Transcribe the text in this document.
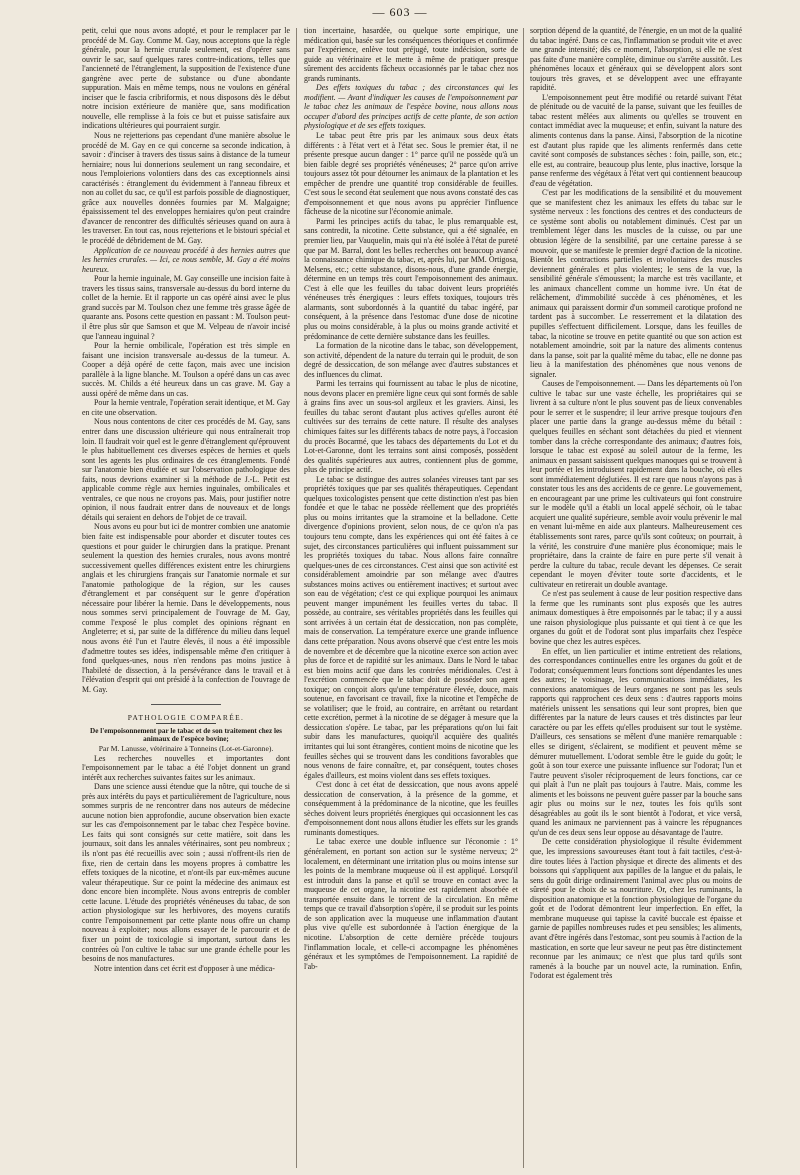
— 603 —

petit, celui que nous avons adopté, et pour le remplacer par le procédé de M. Gay. Comme M. Gay, nous acceptons que la règle générale, pour la hernie crurale seulement, est d'opérer sans ouvrir le sac, sauf quelques rares contre-indications, telles que l'ancienneté de l'étranglement, la supposition de l'existence d'une gangrène avec perte de substance ou d'une abondante suppuration. Mais en même temps, nous ne voulons en général inciser que le fascia cribriformis, et nous disposons dès le début notre incision extérieure de manière que, sans modification nouvelle, elle remplisse à la fois ce but et puisse satisfaire aux indications ultérieures qui pourraient surgir.

Nous ne rejetterions pas cependant d'une manière absolue le procédé de M. Gay en ce qui concerne sa seconde indication, à savoir : d'inciser à travers des tissus sains à distance de la tumeur herniaire; nous lui donnerions seulement un rang secondaire, et nous l'emploierions volontiers dans des cas exceptionnels ainsi caractérisés : étranglement du évidemment à l'anneau fibreux et non au collet du sac, ce qu'il est parfois possible de diagnostiquer, grâce aux nouvelles données fournies par M. Malgaigne; épaississement tel des enveloppes herniaires qu'on peut craindre d'avancer de rencontrer des difficultés sérieuses quand on aura à les traverser. En tout cas, nous rejetterions et le bistouri spécial et le procédé de débridement de M. Gay.

Application de ce nouveau procédé à des hernies autres que les hernies crurales. — Ici, ce nous semble, M. Gay a été moins heureux.

Pour la hernie inguinale, M. Gay conseille une incision faite à travers les tissus sains, transversale au-dessus du bord interne du collet de la hernie. Et il rapporte un cas opéré ainsi avec le plus grand succès par M. Toulson chez une femme très grasse âgée de quarante ans. Posons cette question en passant : M. Toulson peut-il être plus sûr que Samson et que M. Velpeau de n'avoir incisé que l'anneau inguinal ?

Pour la hernie ombilicale, l'opération est très simple en faisant une incision transversale au-dessus de la tumeur. A. Cooper a déjà opéré de cette façon, mais avec une incision parallèle à la ligne blanche. M. Toulson a opéré dans un cas avec succès. M. Childs a été heureux dans un cas grave. M. Gay a aussi opéré de même dans un cas.

Pour la hernie ventrale, l'opération serait identique, et M. Gay en cite une observation.

Nous nous contentons de citer ces procédés de M. Gay, sans entrer dans une discussion ultérieure qui nous entraînerait trop loin. Il faudrait voir quel est le genre d'étranglement qu'éprouvent le plus habituellement ces diverses espèces de hernies et quels sont les agents les plus ordinaires de ces étranglements. Fondé sur l'anatomie bien étudiée et sur l'observation pathologique des faits, nous devrions examiner si la méthode de J.-L. Petit est applicable comme règle aux hernies inguinales, ombilicales et ventrales, ce que nous ne croyons pas. Mais, pour justifier notre opinion, il nous faudrait entrer dans de nouveaux et de longs détails qui seraient en dehors de l'objet de ce travail.

Nous avons eu pour but ici de montrer combien une anatomie bien faite est indispensable pour aborder et discuter toutes ces questions et pour guider le chirurgien dans la pratique. Prenant seulement la question des hernies crurales, nous avons montré successivement quelles différences existent entre les chirurgiens anglais et les chirurgiens français sur l'anatomie normale et sur l'anatomie pathologique de la région, sur les causes d'étranglement et par conséquent sur le genre d'opération nécessaire pour libérer la hernie. Dans le développements, nous nous sommes servi principalement de l'ouvrage de M. Gay, comme l'exposé le plus complet des opinions régnant en Angleterre; et si, par suite de la différence du milieu dans lequel nous avons été l'un et l'autre élevés, il nous a été impossible d'admettre toutes ses idées, indispensable même d'en critiquer à fond quelques-unes, nous n'en rendons pas moins justice à l'habileté de dissection, à la persévérance dans le travail et à l'élévation d'esprit qui ont présidé à la confection de l'ouvrage de M. Gay.

PATHOLOGIE COMPARÉE.

De l'empoisonnement par le tabac et de son traitement chez les animaux de l'espèce bovine;

Par M. Lanusse, vétérinaire à Tonneins (Lot-et-Garonne).

Les recherches nouvelles et importantes dont l'empoisonnement par le tabac a été l'objet donnent un grand intérêt aux recherches suivantes faites sur les animaux.

Dans une science aussi étendue que la nôtre, qui touche de si près aux intérêts du pays et particulièrement de l'agriculture, nous sommes surpris de ne rencontrer dans nos auteurs de médecine aucune notion bien approfondie, aucune observation bien exacte sur les cas d'empoisonnement par le tabac chez l'espèce bovine. Les faits qui sont consignés sur cette matière, soit dans les journaux, soit dans les annales vétérinaires, sont peu nombreux ; ils n'ont pas été recueillis avec soin ; aussi n'offrent-ils rien de fixe, rien de certain dans les moyens propres à combattre les effets toxiques de la nicotine, et n'ont-ils par eux-mêmes aucune valeur thérapeutique. Sur ce point la médecine des animaux est donc encore bien incomplète. Nous avons entrepris de combler cette lacune. L'étude des propriétés vénéneuses du tabac, de son action physiologique sur les herbivores, des moyens curatifs contre l'empoisonnement par cette plante nous offre un champ nouveau à exploiter; nous allons essayer de le parcourir et de fixer un point de toxicologie si important, surtout dans les contrées où l'on cultive le tabac sur une grande échelle pour les besoins de nos manufactures.

Notre intention dans cet écrit est d'opposer à une médica-

tion incertaine, hasardée, ou quelque sorte empirique, une médication qui, basée sur les conséquences théoriques et confirmée par l'expérience, enlève tout préjugé, toute indécision, sorte de guide au vétérinaire et le mette à même de pratiquer presque sûrement des accidents fâcheux occasionnés par le tabac chez nos grands ruminants.

Des effets toxiques du tabac ; des circonstances qui les modifient. — Avant d'indiquer les causes de l'empoisonnement par le tabac chez les animaux de l'espèce bovine, nous allons nous occuper d'abord des principes actifs de cette plante, de son action physiologique et de ses effets toxiques.

Le tabac peut être pris par les animaux sous deux états différents : à l'état vert et à l'état sec. Sous le premier état, il ne présente presque aucun danger : 1° parce qu'il ne possède qu'à un bien faible degré ses propriétés vénéneuses; 2° parce qu'on arrive toujours assez tôt pour détourner les animaux de la plantation et les empêcher de prendre une quantité trop considérable de feuilles. C'est sous le second état seulement que nous avons constaté des cas d'empoisonnement et que nous avons pu apprécier l'influence fâcheuse de la nicotine sur l'économie animale.

Parmi les principes actifs du tabac, le plus remarquable est, sans contredit, la nicotine. Cette substance, qui a été signalée, en premier lieu, par Vauquelin, mais qui n'a été isolée à l'état de pureté que par M. Barral, dont les belles recherches ont beaucoup avancé la connaissance chimique du tabac, et, après lui, par MM. Ortigosa, Melsens, etc.; cette substance, disons-nous, d'une grande énergie, détermine en un temps très court l'empoisonnement des animaux. C'est à elle que les feuilles du tabac doivent leurs propriétés vénéneuses très énergiques : leurs effets toxiques, toujours très alarmants, sont subordonnés à la quantité du tabac ingéré, par conséquent, à la présence dans l'estomac d'une dose de nicotine plus ou moins considérable, à la plus ou moins grande activité et prédominance de cette dernière substance dans les feuilles.

La formation de la nicotine dans le tabac, son développement, son activité, dépendent de la nature du terrain qui le produit, de son degré de dessiccation, de son mélange avec d'autres substances et des influences du climat.

Parmi les terrains qui fournissent au tabac le plus de nicotine, nous devons placer en première ligne ceux qui sont formés de sable à grains fins avec un sous-sol argileux et les graviers. Ainsi, les feuilles du tabac seront d'autant plus actives qu'elles auront été cultivées sur des terrains de cette nature. Il résulte des analyses chimiques faites sur les différents tabacs de notre pays, à l'occasion du procès Bocarmé, que les tabacs des départements du Lot et du Lot-et-Garonne, dont les terrains sont ainsi composés, possèdent des qualités supérieures aux autres, contiennent plus de gomme, plus de principe actif.

Le tabac se distingue des autres solanées vireuses tant par ses propriétés toxiques que par ses qualités thérapeutiques. Cependant quelques toxicologistes pensent que cette distinction n'est pas bien fondée et que le tabac ne possède réellement que des propriétés plus ou moins irritantes que la stramoine et la belladone. Cette divergence d'opinions provient, selon nous, de ce qu'on n'a pas toujours tenu compte, dans les expériences qui ont été faites à ce sujet, des circonstances particulières qui influent puissamment sur les propriétés toxiques du tabac. Nous allons faire connaître quelques-unes de ces circonstances. C'est ainsi que son activité est considérablement amoindrie par son mélange avec d'autres substances moins actives ou entièrement inactives; et surtout avec son eau de végétation; c'est ce qui explique pourquoi les animaux peuvent manger impunément les feuilles vertes du tabac. Il possède, au contraire, ses véritables propriétés dans les feuilles qui sont arrivées à un certain état de dessiccation, non pas complète, mais de conservation. La température exerce une grande influence dans cette préparation. Nous avons observé que c'est entre les mois de novembre et de décembre que la nicotine exerce son action avec plus de force et de rapidité sur les animaux. Dans le Nord le tabac est bien moins actif que dans les contrées méridionales. C'est à l'excrétion commencée que le tabac doit de posséder son agent toxique; on conçoit alors qu'une température élevée, douce, mais soutenue, en favorisant ce travail, fixe la nicotine et l'empêche de se volatiliser; que le froid, au contraire, en arrêtant ou retardant cette excrétion, permet à la nicotine de se dégager à mesure que la dessiccation s'opère. Le tabac, par les préparations qu'on lui fait subir dans les manufactures, quoiqu'il acquière des qualités irritantes qui lui sont étrangères, contient moins de nicotine que les feuilles sèches qui se trouvent dans les conditions favorables que nous venons de faire connaître, et, par conséquent, toutes choses égales d'ailleurs, est moins violent dans ses effets toxiques.

C'est donc à cet état de dessiccation, que nous avons appelé dessiccation de conservation, à la présence de la gomme, et conséquemment à la prédominance de la nicotine, que les feuilles sèches doivent leurs propriétés énergiques qui occasionnent les cas d'empoisonnement dont nous allons étudier les effets sur les grands ruminants domestiques.

Le tabac exerce une double influence sur l'économie : 1° généralement, en portant son action sur le système nerveux; 2° localement, en déterminant une irritation plus ou moins intense sur les points de la membrane muqueuse où il est appliqué. Lorsqu'il est introduit dans la panse et qu'il se trouve en contact avec la muqueuse de cet organe, la nicotine est rapidement absorbée et transportée ensuite dans le torrent de la circulation. En même temps que ce travail d'absorption s'opère, il se produit sur les points de son application avec la muqueuse une inflammation d'autant plus vive qu'elle est subordonnée à l'action énergique de la nicotine. L'absorption de cette dernière précède toujours l'inflammation locale, et celle-ci accompagne les phénomènes généraux et les symptômes de l'empoisonnement. La rapidité de l'ab-

sorption dépend de la quantité, de l'énergie, en un mot de la qualité du tabac ingéré. Dans ce cas, l'inflammation se produit vite et avec une grande intensité; dès ce moment, l'absorption, si elle ne s'est pas faite d'une manière complète, diminue ou s'arrête aussitôt. Les phénomènes locaux et généraux qui se développent alors sont toujours très graves, et se développent avec une effrayante rapidité.

L'empoisonnement peut être modifié ou retardé suivant l'état de plénitude ou de vacuité de la panse, suivant que les feuilles de tabac restent mêlées aux aliments ou qu'elles se trouvent en contact immédiat avec la muqueuse; et enfin, suivant la nature des aliments contenus dans la panse. Ainsi, l'absorption de la nicotine est d'autant plus rapide que les aliments renfermés dans cette cavité sont composés de substances sèches : foin, paille, son, etc.; elle est, au contraire, beaucoup plus lente, plus inactive, lorsque la panse renferme des végétaux à l'état vert qui contiennent beaucoup d'eau de végétation.

C'est par les modifications de la sensibilité et du mouvement que se manifestent chez les animaux les effets du tabac sur le système nerveux : les fonctions des centres et des conducteurs de ce système sont abolis ou notablement diminués. C'est par un tremblement léger dans les muscles de la cuisse, ou par une obtusion légère de la sensibilité, par une certaine paresse à se mouvoir, que se manifeste le premier degré d'action de la nicotine. Bientôt les contractions partielles et involontaires des muscles deviennent générales et plus violentes; le sens de la vue, la sensibilité générale s'émoussent; la marche est très vacillante, et les animaux chancellent comme un homme ivre. Un état de relâchement, d'immobilité succède à ces phénomènes, et les animaux qui paraissent dormir d'un sommeil carotique profond ne tardent pas à succomber. Le resserrement et la dilatation des pupilles s'effectuent difficilement. Lorsque, dans les feuilles de tabac, la nicotine se trouve en petite quantité ou que son action est notablement amoindrie, soit par la nature des aliments contenus dans la panse, soit par la qualité même du tabac, elle ne donne pas lieu à la manifestation des phénomènes que nous venons de signaler.

Causes de l'empoisonnement. — Dans les départements où l'on cultive le tabac sur une vaste échelle, les propriétaires qui se livrent à sa culture n'ont le plus souvent pas de lieux convenables pour le serrer et le suspendre; il leur arrive presque toujours d'en placer une partie dans la grange au-dessus même du bétail : quelques feuilles en séchant sont détachées du pied et viennent tomber dans la crèche correspondante des animaux; d'autres fois, lorsque le tabac est exposé au soleil autour de la ferme, les animaux en passant saisissent quelques manoques qui se trouvent à leur portée et les introduisent rapidement dans la bouche, où elles sont immédiatement déglutiées. Il est rare que nous n'ayons pas à constater tous les ans des accidents de ce genre. Le gouvernement, en encourageant par une prime les cultivateurs qui font construire sur le modèle qu'il a établi un local appelé séchoir, où le tabac acquiert une qualité supérieure, semble avoir voulu prévenir le mal en venant lui-même en aide aux planteurs. Malheureusement ces établissements sont rares, parce qu'ils sont coûteux; on pourrait, à la vérité, les construire d'une manière plus économique; mais le propriétaire, dans la crainte de faire en pure perte s'il venait à perdre la culture du tabac, recule devant les dépenses. Ce serait cependant le moyen d'éviter toute sorte d'accidents, et le cultivateur en retirerait un double avantage.

Ce n'est pas seulement à cause de leur position respective dans la ferme que les ruminants sont plus exposés que les autres animaux domestiques à être empoisonnés par le tabac; il y a aussi une raison physiologique plus puissante et qui tient à ce que les organes du goût et de l'odorat sont plus imparfaits chez l'espèce bovine que chez les autres espèces.

En effet, un lien particulier et intime entretient des relations, des correspondances continuelles entre les organes du goût et de l'odorat; conséquemment leurs fonctions sont dépendantes les unes des autres; le voisinage, les communications immédiates, les connexions anatomiques de leurs organes ne sont pas les seuls rapports qui rapprochent ces deux sens : d'autres rapports moins matériels unissent les sensations qui leur sont propres, bien que différentes par la nature de leurs causes et très distinctes par leur caractère ou par les effets qu'elles produisent sur tout le système. D'ailleurs, ces sensations se mêlent d'une manière remarquable : elles se dirigent, s'éclairent, se modifient et peuvent même se démurer mutuellement. L'odorat semble être le guide du goût; le goût à son tour exerce une puissante influence sur l'odorat; l'un et l'autre peuvent s'isoler réciproquement de leurs fonctions, car ce qui plaît à l'un ne plaît pas toujours à l'autre. Mais, comme les aliments et les boissons ne peuvent guère passer par la bouche sans agir plus ou moins sur le nez, toutes les fois qu'ils sont désagréables au goût ils le sont bientôt à l'odorat, et vice versâ, quand les animaux ne parviennent pas à vaincre les répugnances qu'un de ces deux sens leur oppose au désavantage de l'autre.

De cette considération physiologique il résulte évidemment que, les impressions savoureuses étant tout à fait tactiles, c'est-à-dire toutes liées à l'action physique et directe des aliments et des boissons qui s'appliquent aux papilles de la langue et du palais, le sens du goût dirige ordinairement l'animal avec plus ou moins de sûreté pour le choix de sa nourriture. Or, chez les ruminants, la disposition anatomique et la fonction physiologique de l'organe du goût et de l'odorat démontrent leur imperfection. En effet, la membrane muqueuse qui tapisse la cavité buccale est épaisse et garnie de papilles nombreuses rudes et peu sensibles; les aliments, avant d'être ingérés dans l'estomac, sont peu soumis à l'action de la mastication, en sorte que leur saveur ne peut pas être distinctement reconnue par les animaux; ce n'est que plus tard qu'ils sont ramenés à la bouche par un nouvel acte, la rumination. Enfin, l'odorat est également très
